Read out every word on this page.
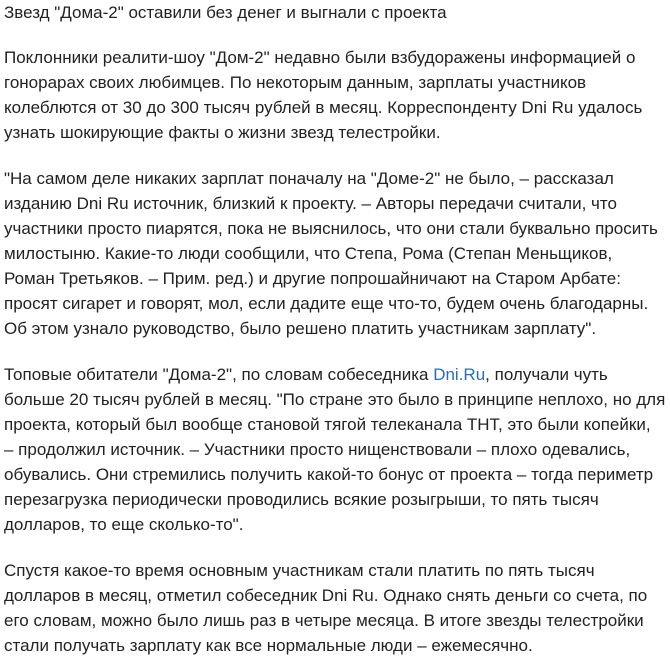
Звезд "Дома-2" оставили без денег и выгнали с проекта
Поклонники реалити-шоу "Дом-2" недавно были взбудоражены информацией о
гонорарах своих любимцев. По некоторым данным, зарплаты участников
колеблются от 30 до 300 тысяч рублей в месяц. Корреспонденту Dni Ru удалось
узнать шокирующие факты о жизни звезд телестройки.
"На самом деле никаких зарплат поначалу на "Доме-2" не было, – рассказал
изданию Dni Ru источник, близкий к проекту. – Авторы передачи считали, что
участники просто пиарятся, пока не выяснилось, что они стали буквально просить
милостыню. Какие-то люди сообщили, что Степа, Рома (Степан Меньщиков,
Роман Третьяков. – Прим. ред.) и другие попрошайничают на Старом Арбате:
просят сигарет и говорят, мол, если дадите еще что-то, будем очень благодарны.
Об этом узнало руководство, было решено платить участникам зарплату".
Топовые обитатели "Дома-2", по словам собеседника Dni.Ru, получали чуть
больше 20 тысяч рублей в месяц. "По стране это было в принципе неплохо, но для
проекта, который был вообще становой тягой телеканала ТНТ, это были копейки,
– продолжил источник. – Участники просто нищенствовали – плохо одевались,
обувались. Они стремились получить какой-то бонус от проекта – тогда периметр
перезагрузка периодически проводились всякие розыгрыши, то пять тысяч
долларов, то еще сколько-то".
Спустя какое-то время основным участникам стали платить по пять тысяч
долларов в месяц, отметил собеседник Dni Ru. Однако снять деньги со счета, по
его словам, можно было лишь раз в четыре месяца. В итоге звезды телестройки
стали получать зарплату как все нормальные люди – ежемесячно.
